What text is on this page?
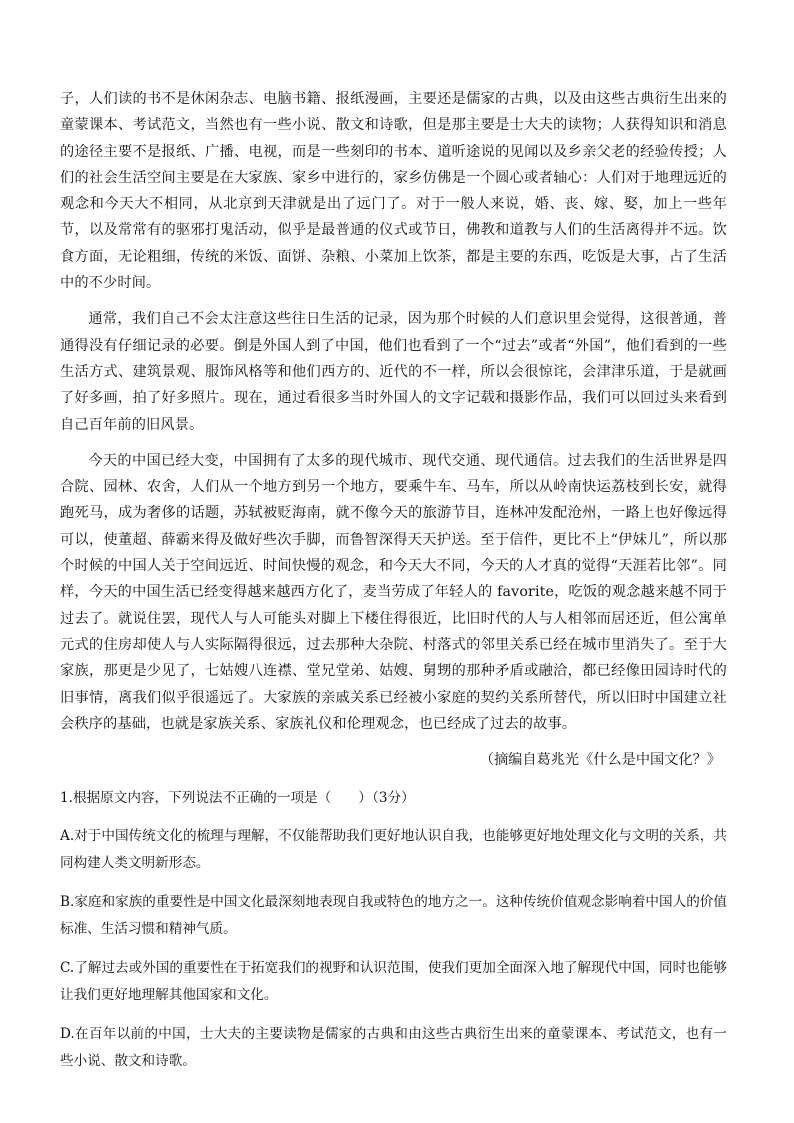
子，人们读的书不是休闲杂志、电脑书籍、报纸漫画，主要还是儒家的古典，以及由这些古典衍生出来的童蒙课本、考试范文，当然也有一些小说、散文和诗歌，但是那主要是士大夫的读物；人获得知识和消息的途径主要不是报纸、广播、电视，而是一些刻印的书本、道听途说的见闻以及乡亲父老的经验传授；人们的社会生活空间主要是在大家族、家乡中进行的，家乡仿佛是一个圆心或者轴心：人们对于地理远近的观念和今天大不相同，从北京到天津就是出了远门了。对于一般人来说，婚、丧、嫁、娶，加上一些年节，以及常常有的驱邪打鬼活动，似乎是最普通的仪式或节日，佛教和道教与人们的生活离得并不远。饮食方面，无论粗细，传统的米饭、面饼、杂粮、小菜加上饮茶，都是主要的东西，吃饭是大事，占了生活中的不少时间。

通常，我们自己不会太注意这些往日生活的记录，因为那个时候的人们意识里会觉得，这很普通，普通得没有仔细记录的必要。倒是外国人到了中国，他们也看到了一个“过去”或者“外国”，他们看到的一些生活方式、建筑景观、服饰风格等和他们西方的、近代的不一样，所以会很惊诧，会津津乐道，于是就画了好多画，拍了好多照片。现在，通过看很多当时外国人的文字记载和摄影作品，我们可以回过头来看到自己百年前的旧风景。

今天的中国已经大变，中国拥有了太多的现代城市、现代交通、现代通信。过去我们的生活世界是四合院、园林、农舍，人们从一个地方到另一个地方，要乘牛车、马车，所以从岭南快运荔枝到长安，就得跑死马，成为奢侈的话题，苏轼被贬海南，就不像今天的旅游节目，连林冲发配沧州，一路上也好像远得可以，使董超、薛霸来得及做好些次手脚，而鲁智深得天天护送。至于信件，更比不上“伊妹儿”，所以那个时候的中国人关于空间远近、时间快慢的观念，和今天大不同，今天的人才真的觉得“天涯若比邻”。同样，今天的中国生活已经变得越来越西方化了，麦当劳成了年轻人的 favorite，吃饭的观念越来越不同于过去了。就说住罢，现代人与人可能头对脚上下楼住得很近，比旧时代的人与人相邻而居还近，但公寓单元式的住房却使人与人实际隔得很远，过去那种大杂院、村落式的邻里关系已经在城市里消失了。至于大家族，那更是少见了，七姑嫂八连襟、堂兄堂弟、姑嫂、舅甥的那种矛盾或融洽，都已经像田园诗时代的旧事情，离我们似乎很遥远了。大家族的亲戚关系已经被小家庭的契约关系所替代，所以旧时中国建立社会秩序的基础，也就是家族关系、家族礼仪和伦理观念，也已经成了过去的故事。

（摘编自葛兆光《什么是中国文化？》

1.根据原文内容，下列说法不正确的一项是（　　）（3分）

A.对于中国传统文化的梳理与理解，不仅能帮助我们更好地认识自我，也能够更好地处理文化与文明的关系，共同构建人类文明新形态。

B.家庭和家族的重要性是中国文化最深刻地表现自我或特色的地方之一。这种传统价值观念影响着中国人的价值标准、生活习惯和精神气质。

C.了解过去或外国的重要性在于拓宽我们的视野和认识范围，使我们更加全面深入地了解现代中国，同时也能够让我们更好地理解其他国家和文化。

D.在百年以前的中国，士大夫的主要读物是儒家的古典和由这些古典衍生出来的童蒙课本、考试范文，也有一些小说、散文和诗歌。
